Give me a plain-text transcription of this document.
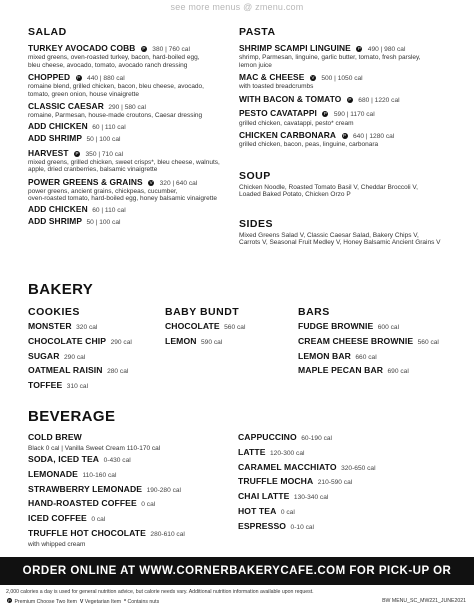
see more menus @ zmenu.com
SALAD
TURKEY AVOCADO COBB P 380 | 760 cal
mixed greens, oven-roasted turkey, bacon, hard-boiled egg,
bleu cheese, avocado, tomato, avocado ranch dressing
CHOPPED P 440 | 880 cal
romaine blend, grilled chicken, bacon, bleu cheese, avocado,
tomato, green onion, house vinaigrette
CLASSIC CAESAR 290 | 580 cal
romaine, Parmesan, house-made croutons, Caesar dressing
ADD CHICKEN 60 | 110 cal
ADD SHRIMP 50 | 100 cal
HARVEST P 350 | 710 cal
mixed greens, grilled chicken, sweet crisps*, bleu cheese, walnuts,
apple, dried cranberries, balsamic vinaigrette
POWER GREENS & GRAINS V 320 | 640 cal
power greens, ancient grains, chickpeas, cucumber,
oven-roasted tomato, hard-boiled egg, honey balsamic vinaigrette
ADD CHICKEN 60 | 110 cal
ADD SHRIMP 50 | 100 cal
PASTA
SHRIMP SCAMPI LINGUINE P 490 | 980 cal
shrimp, Parmesan, linguine, garlic butter, tomato, fresh parsley,
lemon juice
MAC & CHEESE V 500 | 1050 cal
with toasted breadcrumbs
WITH BACON & TOMATO P 680 | 1220 cal
PESTO CAVATAPPI P 590 | 1170 cal
grilled chicken, cavatappi, pesto* cream
CHICKEN CARBONARA P 640 | 1280 cal
grilled chicken, bacon, peas, linguine, carbonara
SOUP
Chicken Noodle, Roasted Tomato Basil V, Cheddar Broccoli V,
Loaded Baked Potato, Chicken Orzo P
SIDES
Mixed Greens Salad V, Classic Caesar Salad, Bakery Chips V,
Carrots V, Seasonal Fruit Medley V, Honey Balsamic Ancient Grains V
BAKERY
COOKIES
MONSTER 320 cal
CHOCOLATE CHIP 290 cal
SUGAR 290 cal
OATMEAL RAISIN 280 cal
TOFFEE 310 cal
BABY BUNDT
CHOCOLATE 560 cal
LEMON 590 cal
BARS
FUDGE BROWNIE 600 cal
CREAM CHEESE BROWNIE 560 cal
LEMON BAR 660 cal
MAPLE PECAN BAR 690 cal
BEVERAGE
COLD BREW
Black 0 cal | Vanilla Sweet Cream 110-170 cal
SODA, ICED TEA 0-430 cal
LEMONADE 110-160 cal
STRAWBERRY LEMONADE 190-280 cal
HAND-ROASTED COFFEE 0 cal
ICED COFFEE 0 cal
TRUFFLE HOT CHOCOLATE 280-610 cal
with whipped cream
CAPPUCCINO 60-190 cal
LATTE 120-300 cal
CARAMEL MACCHIATO 320-650 cal
TRUFFLE MOCHA 210-590 cal
CHAI LATTE 130-340 cal
HOT TEA 0 cal
ESPRESSO 0-10 cal
ORDER ONLINE AT WWW.CORNERBAKERYCAFE.COM FOR PICK-UP OR DELIVERY.
2,000 calories a day is used for general nutrition advice, but calorie needs vary. Additional nutrition information available upon request.
P Premium Choose Two Item V Vegetarian Item * Contains nuts	BW MENU_SC_MW221_JUNE2021
